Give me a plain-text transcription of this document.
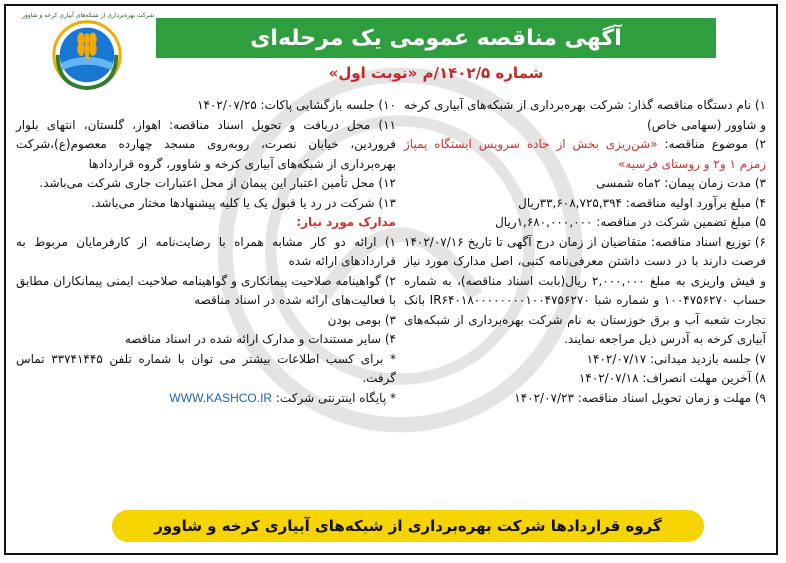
شرکت بهره‌برداری از شبکه‌های آبیاری کرخه و شاوور
آگهی مناقصه عمومی یک مرحله‌ای
شماره ۱۴۰۲/۵/م «نوبت اول»

۱) نام دستگاه مناقصه گذار: شرکت بهره‌برداری از شبکه‌های آبیاری کرخه و شاوور (سهامی خاص)

۲) موضوع مناقصه: «شن‌ریزی بخش از جاده سرویس ایستگاه پمپاژ زمزم ۱ و۲ و روستای فرسیه»

۳) مدت زمان پیمان: ۲ماه شمسی

۴) مبلغ برآورد اولیه مناقصه: ۳۳,۶۰۸,۷۲۵,۳۹۴ریال

۵) مبلغ تضمین شرکت در مناقصه: ۱,۶۸۰,۰۰۰,۰۰۰ریال

۶) توزیع اسناد مناقصه: متقاضیان از زمان درج آگهی تا تاریخ ۱۴۰۲/۰۷/۱۶ فرصت دارند با در دست داشتن معرفی‌نامه کتبی، اصل مدارک مورد نیاز و فیش واریزی به مبلغ ۲,۰۰۰,۰۰۰ ریال(بابت اسناد مناقصه)، به شماره حساب ۱۰۰۴۷۵۶۲۷۰ و شماره شبا IR۶۴۰۱۸۰۰۰۰۰۰۰۰۱۰۰۴۷۵۶۲۷۰ بانک تجارت شعبه آب و برق خوزستان به نام شرکت بهره‌برداری از شبکه‌های آبیاری کرخه به آدرس ذیل مراجعه نمایند.

۷) جلسه بازدید میدانی: ۱۴۰۲/۰۷/۱۷

۸) آخرین مهلت انصراف: ۱۴۰۲/۰۷/۱۸

۹) مهلت و زمان تحویل اسناد مناقصه: ۱۴۰۲/۰۷/۲۳

۱۰) جلسه بازگشایی پاکات: ۱۴۰۲/۰۷/۲۵

۱۱) محل دریافت و تحویل اسناد مناقصه: اهواز، گلستان، انتهای بلوار فروردین، خیابان نصرت، روبه‌روی مسجد چهارده معصوم(ع)،شرکت بهره‌برداری از شبکه‌های آبیاری کرخه و شاوور، گروه قراردادها

۱۲) محل تأمین اعتبار این پیمان از محل اعتبارات جاری شرکت می‌باشد.

۱۳) شرکت در رد یا قبول یک یا کلیه پیشنهادها مختار می‌باشد.

مدارک مورد نیاز:

۱) ارائه دو کار مشابه همراه با رضایت‌نامه از کارفرمایان مربوط به قراردادهای ارائه شده

۲) گواهینامه صلاحیت پیمانکاری و گواهینامه صلاحیت ایمنی پیمانکاران مطابق با فعالیت‌های ارائه شده در اسناد مناقصه

۳) بومی بودن

۴) سایر مستندات و مدارک ارائه شده در اسناد مناقصه

* برای کسب اطلاعات بیشتر می توان با شماره تلفن ۳۳۷۴۱۴۴۵ تماس گرفت.

* پایگاه اینترنتی شرکت: WWW.KASHCO.IR

گروه قراردادها شرکت بهره‌برداری از شبکه‌های آبیاری کرخه و شاوور
